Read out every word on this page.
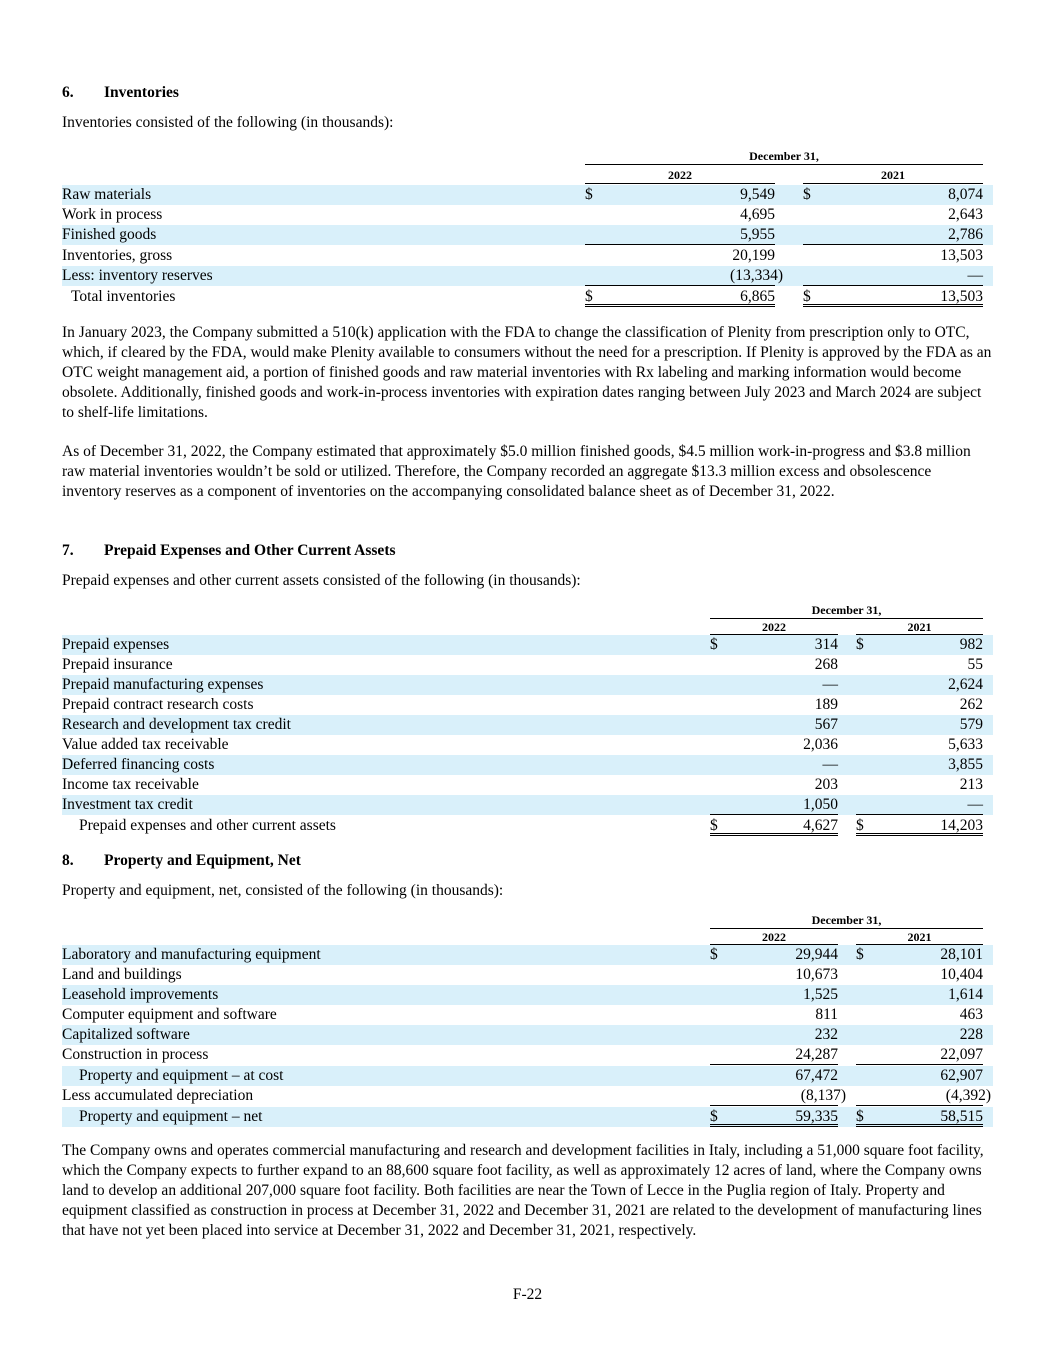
6. Inventories
Inventories consisted of the following (in thousands):
December 31,
2022	2021
Raw materials	$	9,549 $	8,074
Work in process	4,695	2,643
Finished goods	5,955	2,786
Inventories, gross	20,199	13,503
Less: inventory reserves	(13,334)	—
Total inventories	$	6,865 $	13,503
In January 2023, the Company submitted a 510(k) application with the FDA to change the classification of Plenity from prescription only to OTC, which, if cleared by the FDA, would make Plenity available to consumers without the need for a prescription. If Plenity is approved by the FDA as an OTC weight management aid, a portion of finished goods and raw material inventories with Rx labeling and marking information would become obsolete. Additionally, finished goods and work-in-process inventories with expiration dates ranging between July 2023 and March 2024 are subject to shelf-life limitations.
As of December 31, 2022, the Company estimated that approximately $5.0 million finished goods, $4.5 million work-in-progress and $3.8 million raw material inventories wouldn’t be sold or utilized. Therefore, the Company recorded an aggregate $13.3 million excess and obsolescence inventory reserves as a component of inventories on the accompanying consolidated balance sheet as of December 31, 2022.
7. Prepaid Expenses and Other Current Assets
Prepaid expenses and other current assets consisted of the following (in thousands):
December 31,
2022	2021
Prepaid expenses	$	314 $	982
Prepaid insurance	268	55
Prepaid manufacturing expenses	—	2,624
Prepaid contract research costs	189	262
Research and development tax credit	567	579
Value added tax receivable	2,036	5,633
Deferred financing costs	—	3,855
Income tax receivable	203	213
Investment tax credit	1,050	—
Prepaid expenses and other current assets	$	4,627 $	14,203
8. Property and Equipment, Net
Property and equipment, net, consisted of the following (in thousands):
December 31,
2022	2021
Laboratory and manufacturing equipment	$	29,944 $	28,101
Land and buildings	10,673	10,404
Leasehold improvements	1,525	1,614
Computer equipment and software	811	463
Capitalized software	232	228
Construction in process	24,287	22,097
Property and equipment – at cost	67,472	62,907
Less accumulated depreciation	(8,137)	(4,392)
Property and equipment – net	$	59,335 $	58,515
The Company owns and operates commercial manufacturing and research and development facilities in Italy, including a 51,000 square foot facility, which the Company expects to further expand to an 88,600 square foot facility, as well as approximately 12 acres of land, where the Company owns land to develop an additional 207,000 square foot facility. Both facilities are near the Town of Lecce in the Puglia region of Italy. Property and equipment classified as construction in process at December 31, 2022 and December 31, 2021 are related to the development of manufacturing lines that have not yet been placed into service at December 31, 2022 and December 31, 2021, respectively.
F-22
